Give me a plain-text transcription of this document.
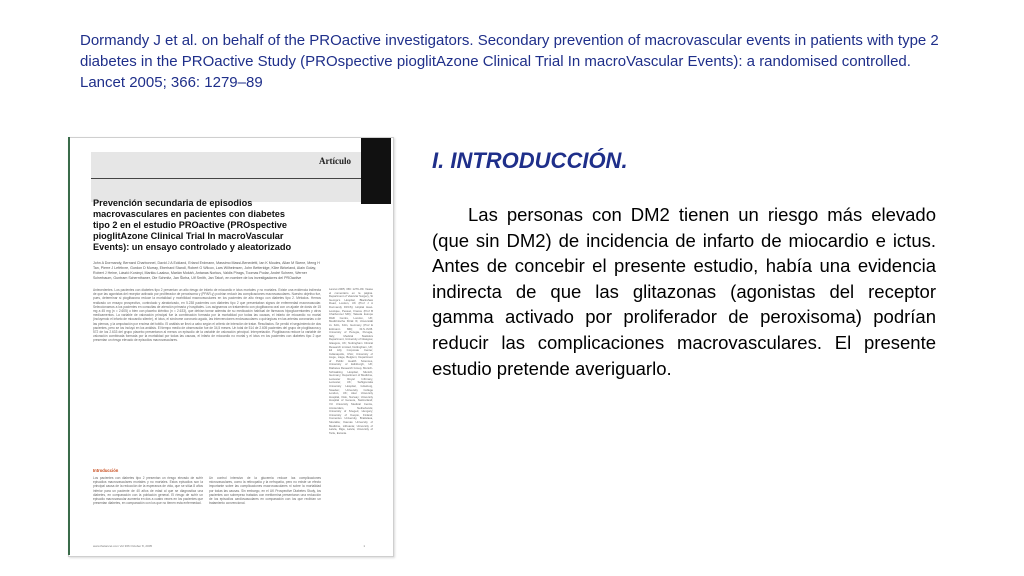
Dormandy J et al. on behalf of the PROactive investigators. Secondary prevention of macrovascular events in patients with type 2 diabetes in the PROactive Study (PROspective pioglitAzone Clinical Trial In macroVascular Events): a randomised controlled. Lancet 2005; 366: 1279–89
Artículo
Prevención secundaria de episodios macrovasculares en pacientes con diabetes tipo 2 en el estudio PROactive (PROspective pioglitAzone Clinical Trial In macroVascular Events): un ensayo controlado y aleatorizado
John A Dormandy, Bernard Charbonnel, David J A Eckland, Erland Erdmann, Massimo Massi-Benedetti, Ian K Moules, Allan M Skene, Meng H Tan, Pierre J Lefèbvre, Gordon D Murray, Eberhard Standl, Robert G Wilcox, Lars Wilhelmsen, John Betteridge, Kåre Birkeland, Alain Golay, Robert J Heine, László Korányi, Markku Laakso, Marián Mokáň, Antanas Norkus, Valdis Pirags, Toomas Podar, André Scheen, Werner Scherbaum, Guntram Schernthaner, Ole Schmitz, Jan Škrha, Ulf Smith, Jan Tatoň, en nombre de los investigadores del PROactive
Antecedentes. Los pacientes con diabetes tipo 2 presentan un alto riesgo de infarto de miocardio e ictus mortales y no mortales. Existe una evidencia indirecta de que las agonistas del receptor activado por proliferador de peroxisoma γ (PPAR-γ) podrían reducir las complicaciones macrovasculares. Nuestro objetivo fue, pues, determinar si pioglitazona reduce la mortalidad y morbilidad macrovasculares en los pacientes de alto riesgo con diabetes tipo 2. Métodos. Hemos realizado un ensayo prospectivo, controlado y aleatorizado, en 5.238 pacientes con diabetes tipo 2 que presentaban signos de enfermedad macrovascular. Seleccionamos a los pacientes en consultas de atención primaria y hospitales. Los asignamos un tratamiento con pioglitazona oral con un ajuste de dosis de 15 mg a 45 mg (n = 2.605) o bien con placebo idéntico (n = 2.633), que debían tomar además de su medicación habitual de fármacos hipoglucemiantes y otros medicamentos. La variable de valoración principal fue la combinación formada por la mortalidad por todas las causas, el infarto de miocardio no mortal (incluyendo el infarto de miocardio silente), el ictus, el síndrome coronario agudo, las intervenciones endovasculares o quirúrgicas en las arterias coronarias o de las piernas, y la amputación por encima del tobillo. El análisis se llevó a cabo según el criterio de intención de tratar. Resultados. Se perdió el seguimiento de dos pacientes, pero se los incluyó en los análisis. El tiempo medio de observación fue de 34,5 meses. Un total de 514 de 2.605 pacientes del grupo de pioglitazona y 572 de los 2.633 del grupo placebo presentaron al menos un episodio de la variable de valoración principal. Interpretación. Pioglitazona reduce la variable de valoración combinada formada por la mortalidad por todas las causas, el infarto de miocardio no mortal y el ictus en los pacientes con diabetes tipo 2 que presentan un riesgo elevado de episodios macrovasculares.
Introducción
Los pacientes con diabetes tipo 2 presentan un riesgo elevado de sufrir episodios macrovasculares mortales y no mortales. Estos episodios son la principal causa de la reducción de la esperanza de vida, que se sitúa 8 años inferior para un paciente de 40 años de edad al que se diagnostica una diabetes, en comparación con la población general. El riesgo de sufrir un episodio macrovascular aumenta en dos a cuatro veces en los pacientes que presentan diabetes, en comparación con los que no tienen esta enfermedad.
Un control intensivo de la glucemia reduce las complicaciones microvasculares, como la retinopatía y la nefropatía, pero no existe un efecto importante sobre las complicaciones macrovasculares ni sobre la mortalidad por todas las causas. Sin embargo, en el UK Prospective Diabetes Study, los pacientes con sobrepeso tratados con metformina presentaron una reducción de los episodios cardiovasculares en comparación con los que recibían un tratamiento convencional.
Lancet 2005; 366: 1279–89. Véase el comentario en la página. Department of Vascular Surgery, St George's Hospital, Blackshaw Road, London, UK (Prof J A Dormandy FRCS); Hôpital Haut-Lévêque, Pessac, France (Prof B Charbonnel MD); Takeda Europe R&D Centre, London, UK; Medizinische Klinik III, Universität zu Köln, Köln, Germany (Prof E Erdmann MD); Di.S.I.M.B. University of Perugia, Perugia, Italy; Medical Statistics Department, University of Glasgow, Glasgow, UK; Nottingham Clinical Research Limited, Nottingham, UK; Eli Lilly Corporate Center, Indianapolis, USA; University of Liège, Liège, Belgium; Department of Public Health Sciences, University of Edinburgh, UK; Diabetes Research Group, Munich-Schwabing Hospital, Munich, Germany; Department of Medicine, Leicester Royal Infirmary, Leicester, UK; Sahlgrenska University Hospital, Göteborg, Sweden; University College London, UK; Aker University Hospital, Oslo, Norway; University Hospital of Geneva, Switzerland; VU University Medical Centre, Amsterdam, Netherlands; University of Szeged, Hungary; University of Kuopio, Finland; Comenius University, Bratislava, Slovakia; Kaunas University of Medicine, Lithuania; University of Latvia, Riga, Latvia; University of Tartu, Estonia.
www.thelancet.com Vol 366 October 8, 2005	1
I. INTRODUCCIÓN.
Las personas con DM2 tienen un riesgo más elevado (que sin DM2) de incidencia de infarto de miocardio e ictus. Antes de concebir el presente estudio, había una evidencia indirecta de que las glitazonas (agonistas del receptor gamma activado por proliferador de peroxisoma) podrían reducir las complicaciones macrovasculares. El presente estudio pretende averiguarlo.
